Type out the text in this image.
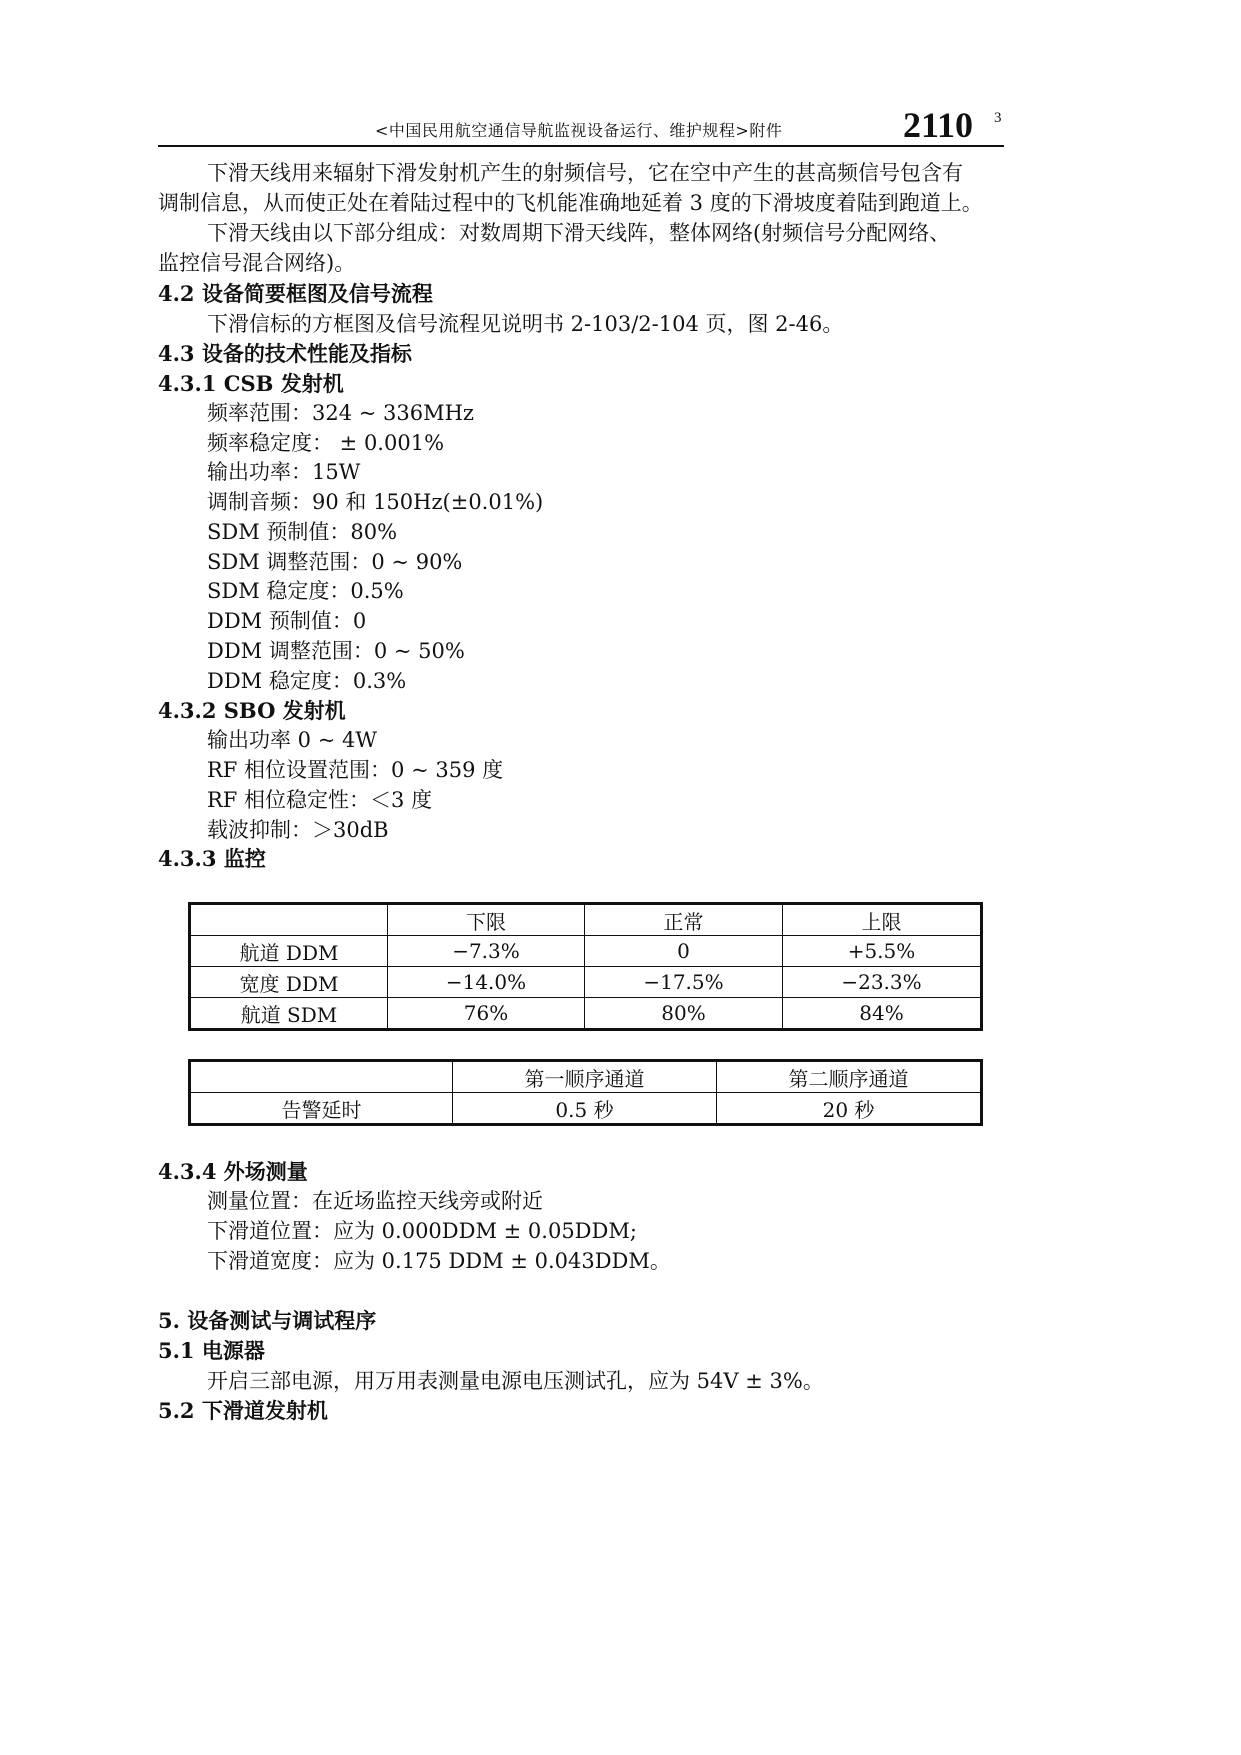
<中国民用航空通信导航监视设备运行、维护规程>附件	2110 3
下滑天线用来辐射下滑发射机产生的射频信号，它在空中产生的甚高频信号包含有
调制信息，从而使正处在着陆过程中的飞机能准确地延着 3 度的下滑坡度着陆到跑道上。
下滑天线由以下部分组成：对数周期下滑天线阵，整体网络(射频信号分配网络、
监控信号混合网络)。
4.2 设备简要框图及信号流程
下滑信标的方框图及信号流程见说明书 2-103/2-104 页，图 2-46。
4.3 设备的技术性能及指标
4.3.1 CSB 发射机
频率范围：324 ~ 336MHz
频率稳定度： ± 0.001%
输出功率：15W
调制音频：90 和 150Hz(±0.01%)
SDM 预制值：80%
SDM 调整范围：0 ~ 90%
SDM 稳定度：0.5%
DDM 预制值：0
DDM 调整范围：0 ~ 50%
DDM 稳定度：0.3%
4.3.2 SBO 发射机
输出功率 0 ~ 4W
RF 相位设置范围：0 ~ 359 度
RF 相位稳定性：＜3 度
载波抑制：＞30dB
4.3.3 监控
	下限	正常	上限
航道 DDM	−7.3%	0	+5.5%
宽度 DDM	−14.0%	−17.5%	−23.3%
航道 SDM	76%	80%	84%
	第一顺序通道	第二顺序通道
告警延时	0.5 秒	20 秒
4.3.4 外场测量
测量位置：在近场监控天线旁或附近
下滑道位置：应为 0.000DDM ± 0.05DDM;
下滑道宽度：应为 0.175 DDM ± 0.043DDM。
5. 设备测试与调试程序
5.1 电源器
开启三部电源，用万用表测量电源电压测试孔，应为 54V ± 3%。
5.2 下滑道发射机
